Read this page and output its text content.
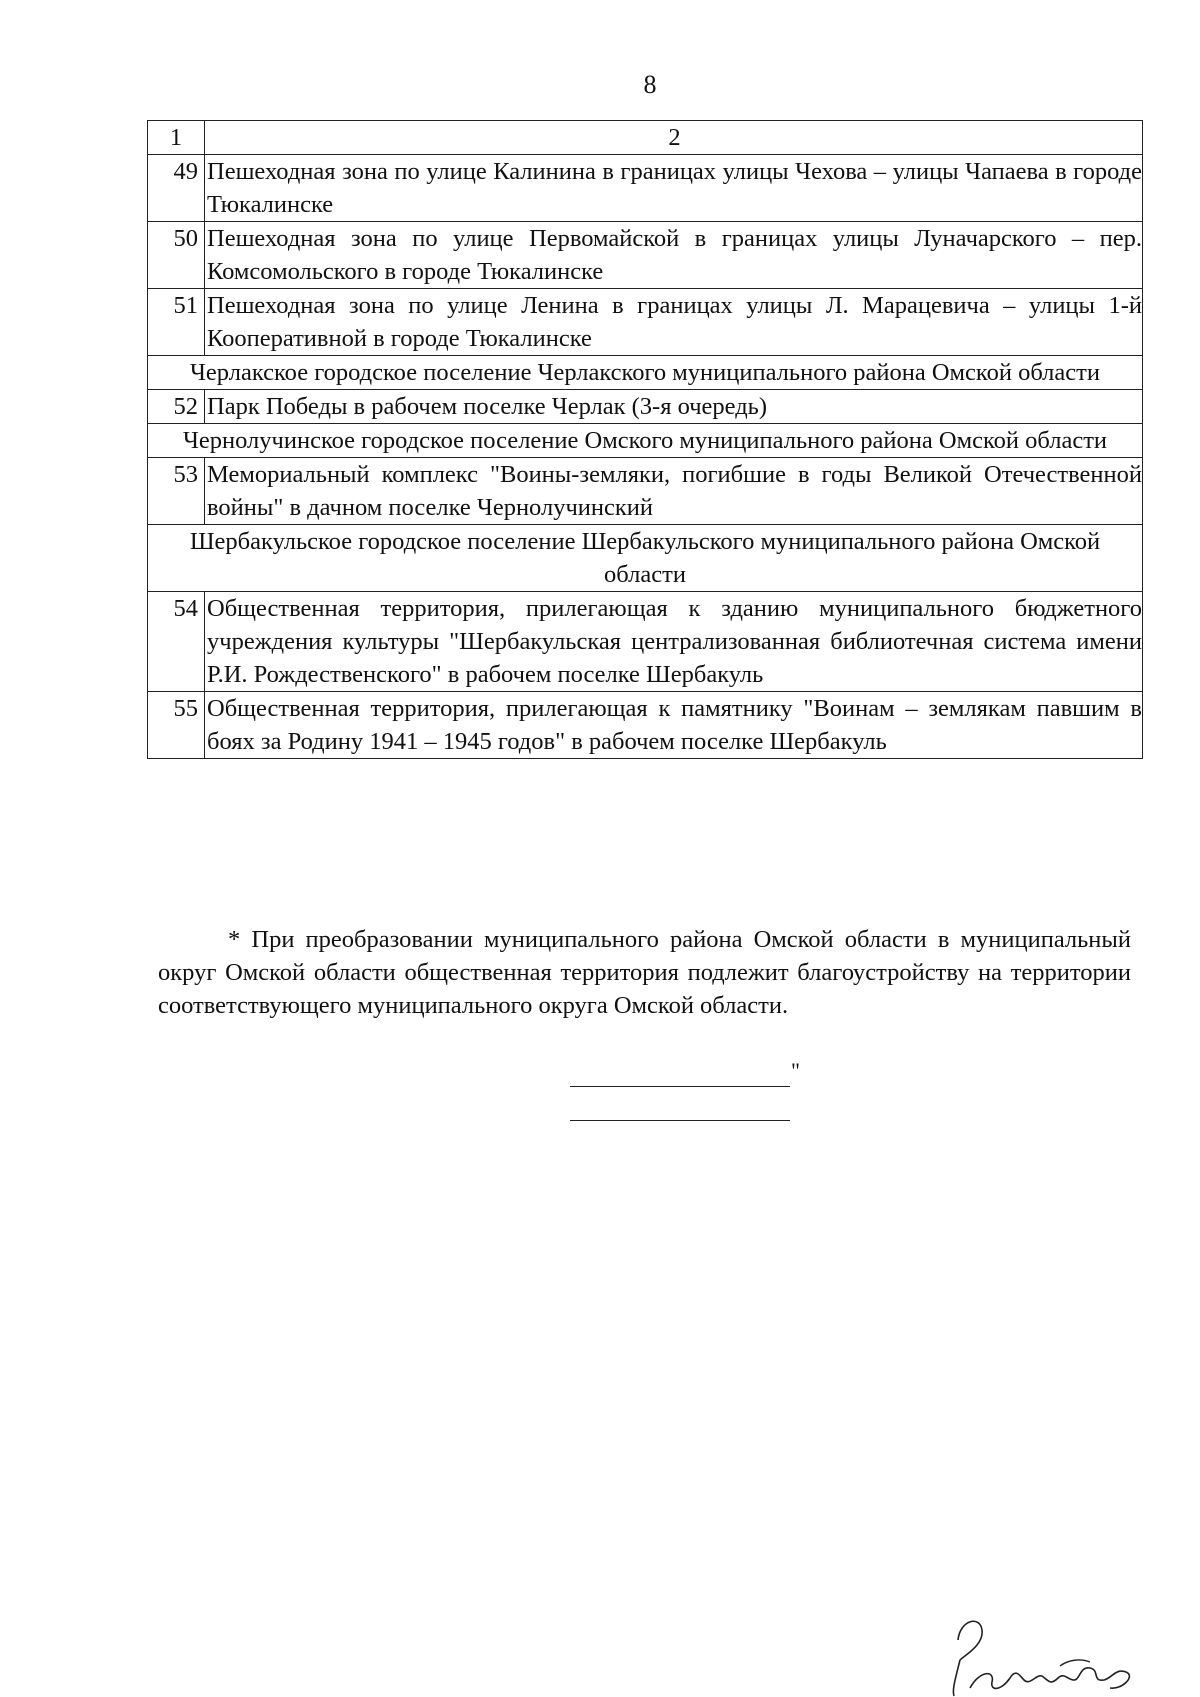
8
1	2
49	Пешеходная зона по улице Калинина в границах улицы Чехова – улицы Чапаева в городе Тюкалинске
50	Пешеходная зона по улице Первомайской в границах улицы Луначарского – пер. Комсомольского в городе Тюкалинске
51	Пешеходная зона по улице Ленина в границах улицы Л. Марацевича – улицы 1-й Кооперативной в городе Тюкалинске
Черлакское городское поселение Черлакского муниципального района Омской области	
52	Парк Победы в рабочем поселке Черлак (3-я очередь)
Чернолучинское городское поселение Омского муниципального района Омской области	
53	Мемориальный комплекс "Воины-земляки, погибшие в годы Великой Отечественной войны" в дачном поселке Чернолучинский
Шербакульское городское поселение Шербакульского муниципального района Омской области	
54	Общественная территория, прилегающая к зданию муниципального бюджетного учреждения культуры "Шербакульская централизованная библиотечная система имени Р.И. Рождественского" в рабочем поселке Шербакуль
55	Общественная территория, прилегающая к памятнику "Воинам – землякам павшим в боях за Родину 1941 – 1945 годов" в рабочем поселке Шербакуль

* При преобразовании муниципального района Омской области в муниципальный округ Омской области общественная территория подлежит благоустройству на территории соответствующего муниципального округа Омской области.

"
